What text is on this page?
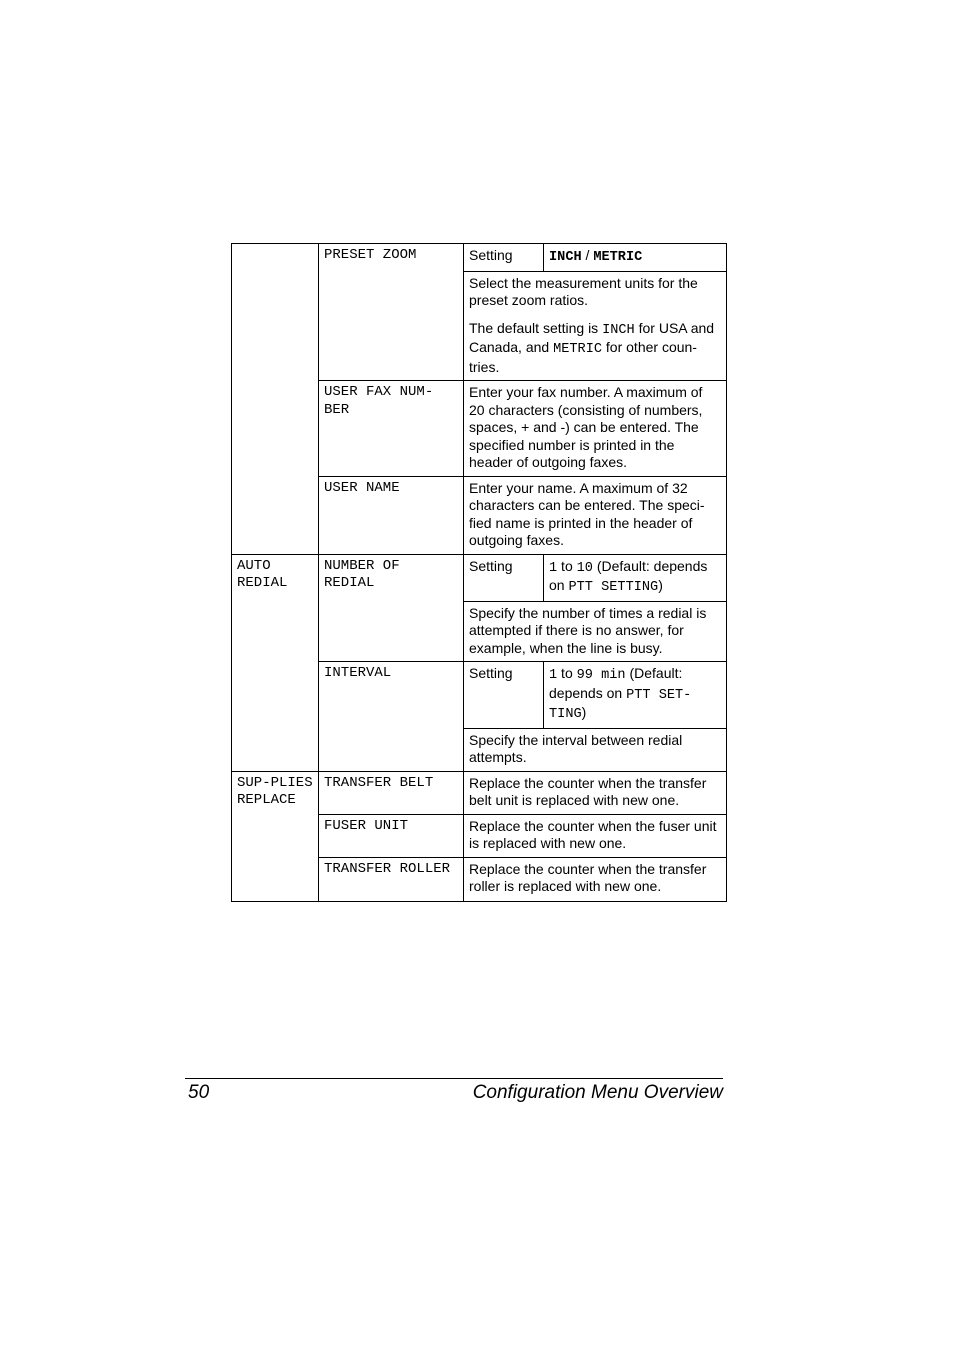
	PRESET ZOOM	Setting	INCH / METRIC

		Select the measurement units for the preset zoom ratios.

The default setting is INCH for USA and Canada, and METRIC for other coun-tries.	

	USER FAX NUM-BER	Enter your fax number. A maximum of 20 characters (consisting of numbers, spaces, + and -) can be entered. The specified number is printed in the header of outgoing faxes.	
	USER NAME	Enter your name. A maximum of 32 characters can be entered. The speci-fied name is printed in the header of outgoing faxes.	

AUTO REDIAL	NUMBER OF REDIAL	Setting	1 to 10 (Default: depends on PTT SETTING)
		Specify the number of times a redial is attempted if there is no answer, for example, when the line is busy.	
	INTERVAL	Setting	1 to 99 min (Default: depends on PTT SET-TING)
		Specify the interval between redial attempts.	
SUP-PLIES REPLACE	TRANSFER BELT	Replace the counter when the transfer belt unit is replaced with new one.	
	FUSER UNIT	Replace the counter when the fuser unit is replaced with new one.	
	TRANSFER ROLLER	Replace the counter when the transfer roller is replaced with new one.	
50	Configuration Menu Overview
